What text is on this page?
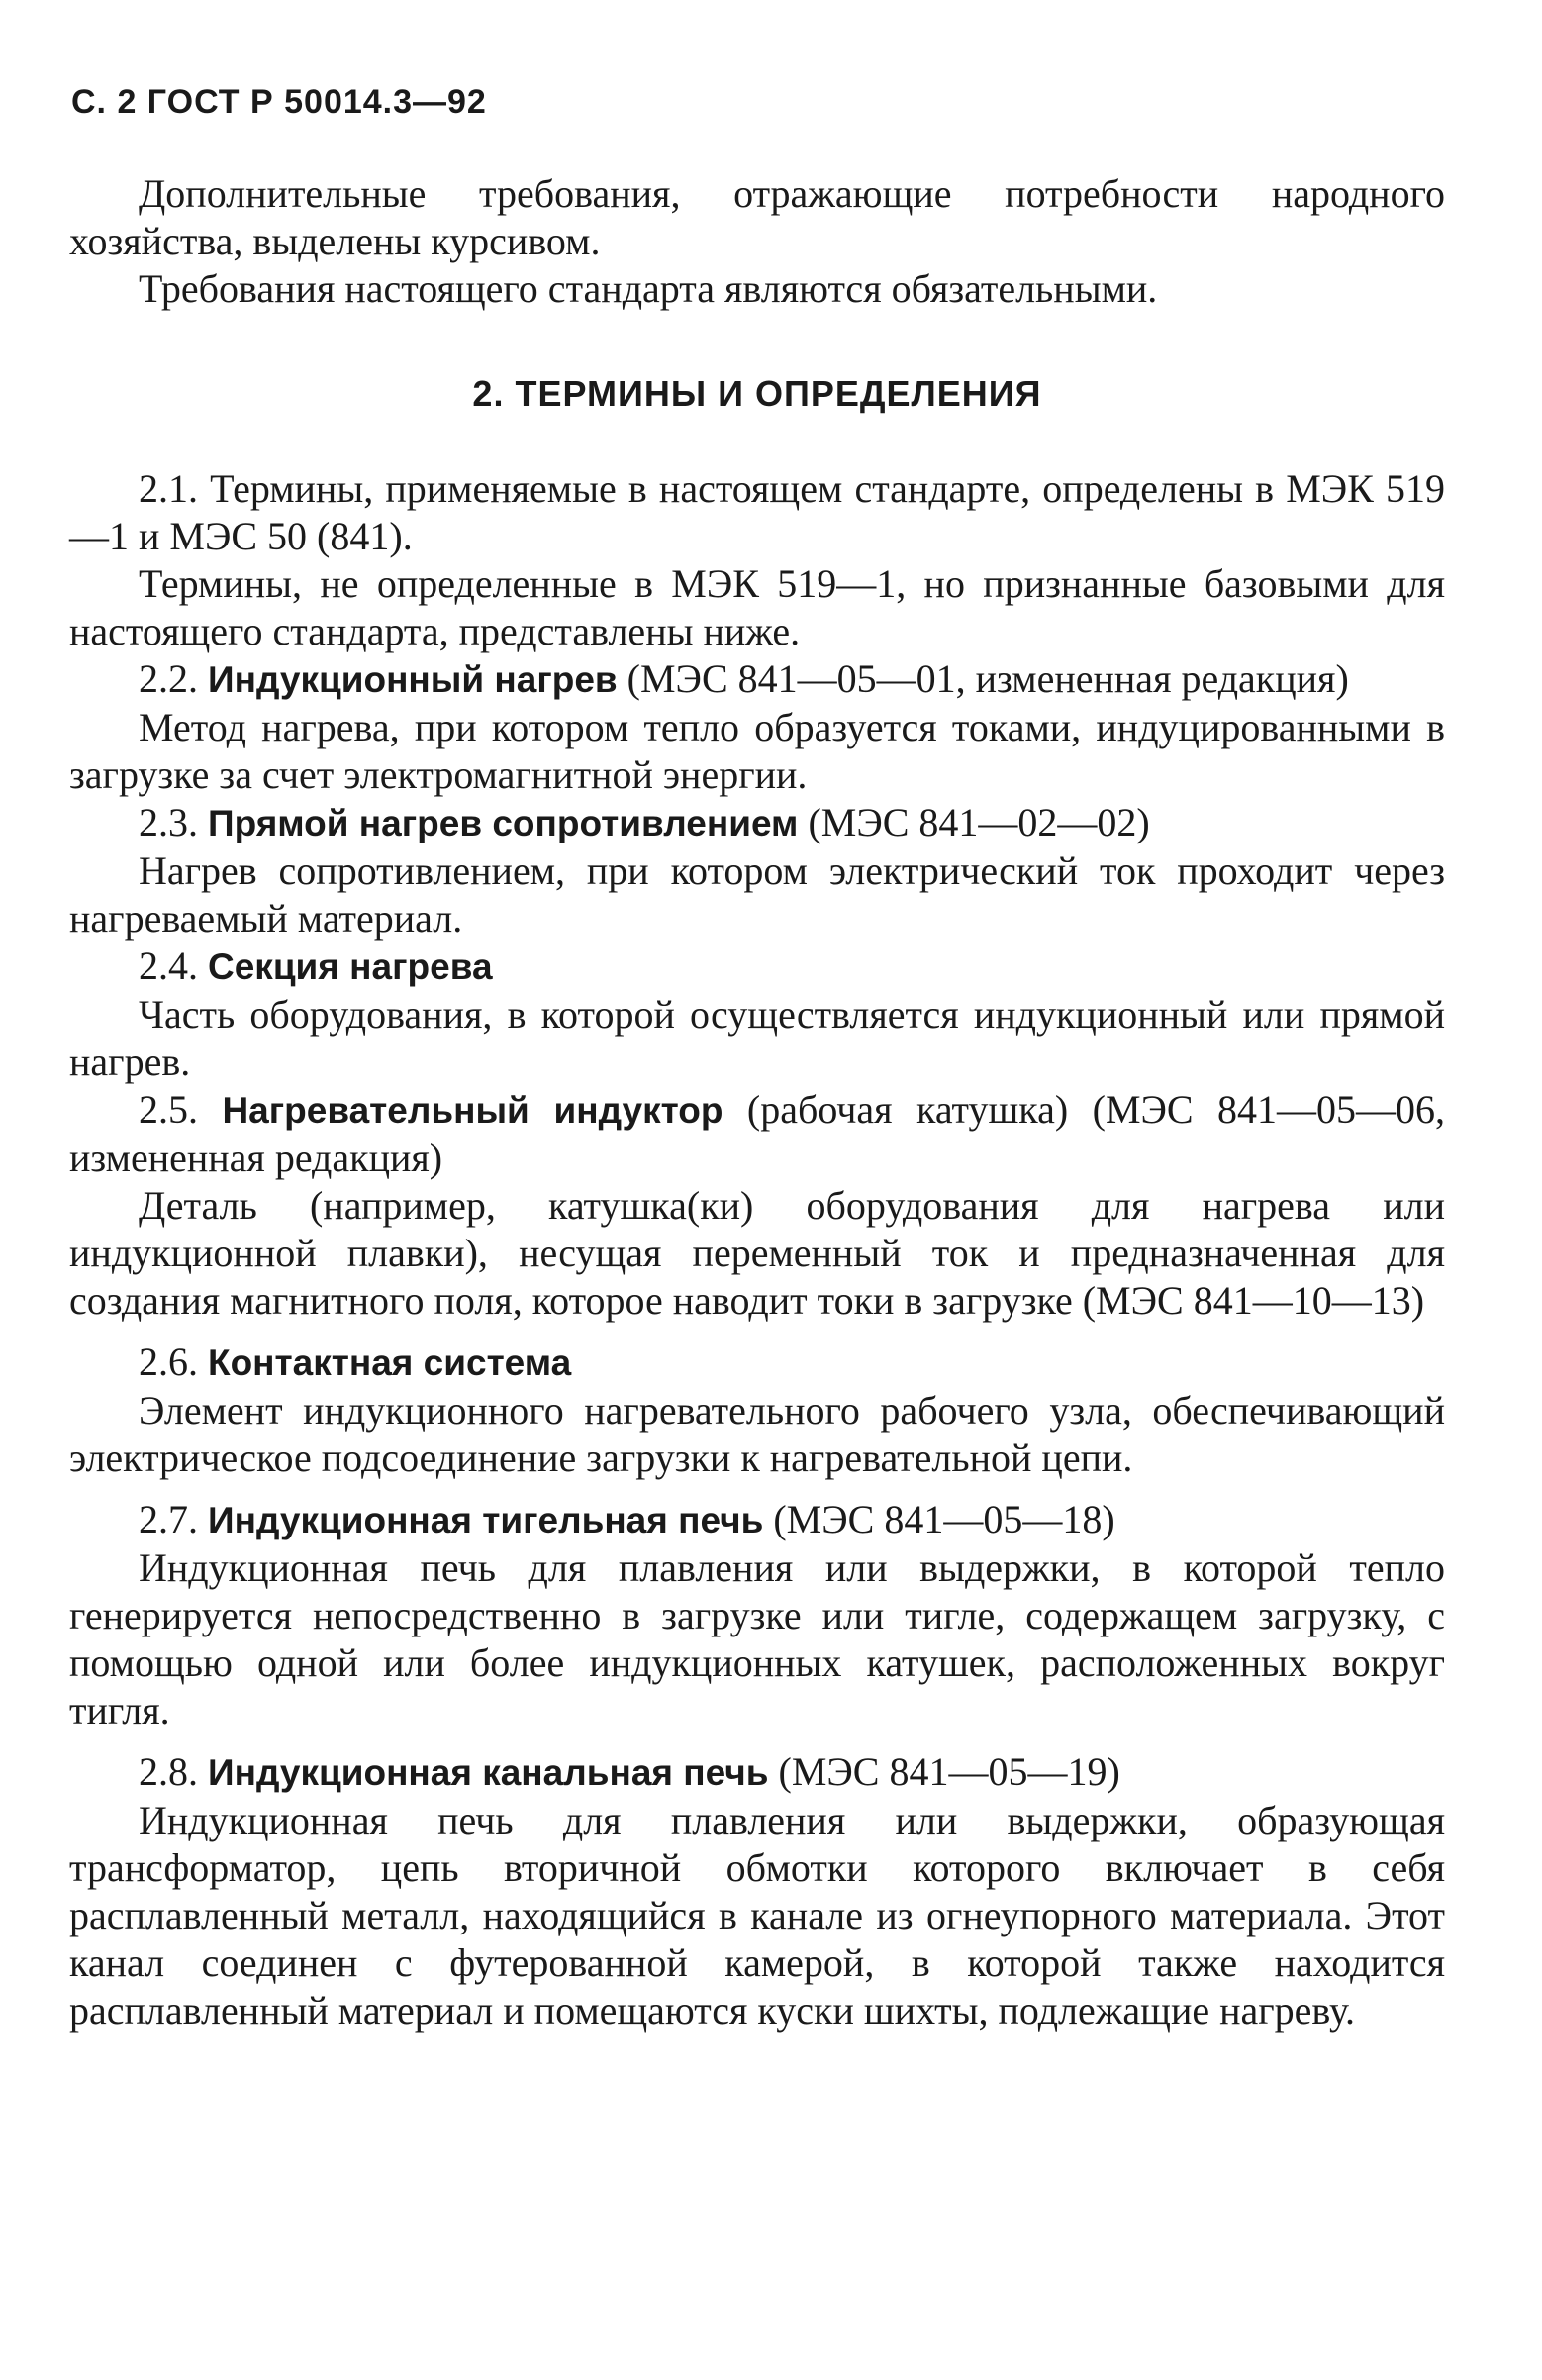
С. 2 ГОСТ Р 50014.3—92

Дополнительные требования, отражающие потребности народного хозяйства, выделены курсивом.

Требования настоящего стандарта являются обязательными.

2. ТЕРМИНЫ И ОПРЕДЕЛЕНИЯ

2.1. Термины, применяемые в настоящем стандарте, определены в МЭК 519—1 и МЭС 50 (841).

Термины, не определенные в МЭК 519—1, но признанные базовыми для настоящего стандарта, представлены ниже.

2.2. Индукционный нагрев (МЭС 841—05—01, измененная редакция)

Метод нагрева, при котором тепло образуется токами, индуцированными в загрузке за счет электромагнитной энергии.

2.3. Прямой нагрев сопротивлением (МЭС 841—02—02)

Нагрев сопротивлением, при котором электрический ток проходит через нагреваемый материал.

2.4. Секция нагрева

Часть оборудования, в которой осуществляется индукционный или прямой нагрев.

2.5. Нагревательный индуктор (рабочая катушка) (МЭС 841—05—06, измененная редакция)

Деталь (например, катушка(ки) оборудования для нагрева или индукционной плавки), несущая переменный ток и предназначенная для создания магнитного поля, которое наводит токи в загрузке (МЭС 841—10—13)

2.6. Контактная система

Элемент индукционного нагревательного рабочего узла, обеспечивающий электрическое подсоединение загрузки к нагревательной цепи.

2.7. Индукционная тигельная печь (МЭС 841—05—18)

Индукционная печь для плавления или выдержки, в которой тепло генерируется непосредственно в загрузке или тигле, содержащем загрузку, с помощью одной или более индукционных катушек, расположенных вокруг тигля.

2.8. Индукционная канальная печь (МЭС 841—05—19)

Индукционная печь для плавления или выдержки, образующая трансформатор, цепь вторичной обмотки которого включает в себя расплавленный металл, находящийся в канале из огнеупорного материала. Этот канал соединен с футерованной камерой, в которой также находится расплавленный материал и помещаются куски шихты, подлежащие нагреву.
